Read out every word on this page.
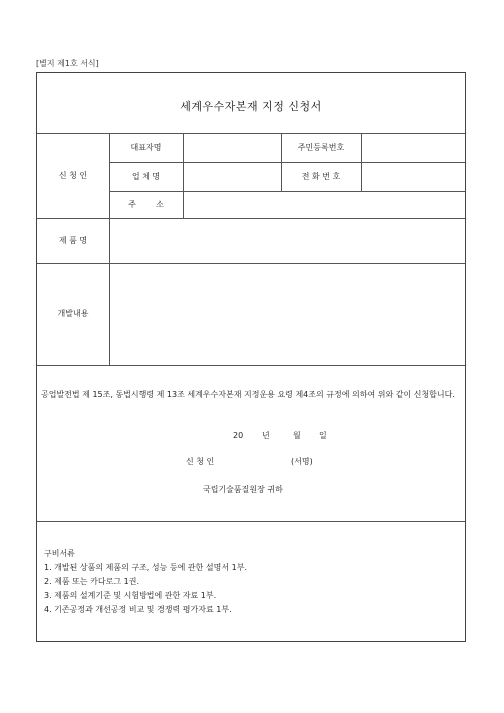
[별지 제1호 서식]
세계우수자본재 지정 신청서
신 청 인
대표자명	주민등록번호
업 체 명	전 화 번 호
주        소
제 품 명
개발내용
공업발전법 제 15조, 동법시행령 제 13조 세계우수자본재 지정운용 요령 제4조의 규정에 의하여 위와 같이 신청합니다.
20 년	월 일
신 청 인	(서명)
국립기술품질원장 귀하
구비서류
1. 개발된 상품의 제품의 구조, 성능 등에 관한 설명서 1부.
2. 제품 또는 카다로그 1권.
3. 제품의 설계기준 및 시험방법에 관한 자료 1부.
4. 기존공정과 개선공정 비교 및 경쟁력 평가자료 1부.
